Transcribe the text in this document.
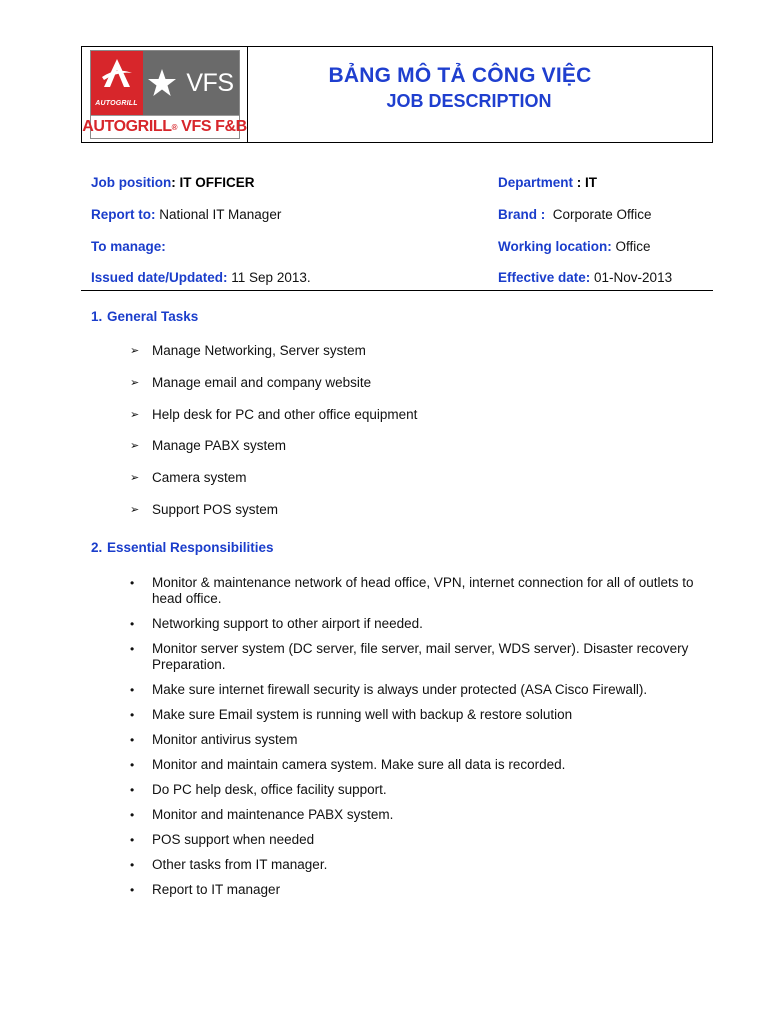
AUTOGRILL
VFS
AUTOGRILL ® VFS F&B
BẢNG MÔ TẢ CÔNG VIỆC
JOB DESCRIPTION
Job position: IT OFFICER	Department : IT
Report to: National IT Manager	Brand :  Corporate Office
To manage:	Working location: Office
Issued date/Updated: 11 Sep 2013.	Effective date: 01-Nov-2013
1. General Tasks
➢ Manage Networking, Server system
➢ Manage email and company website
➢ Help desk for PC and other office equipment
➢ Manage PABX system
➢ Camera system
➢ Support POS system
2. Essential Responsibilities
•	Monitor & maintenance network of head office, VPN, internet connection for all of outlets to head office.
•	Networking support to other airport if needed.
•	Monitor server system (DC server, file server, mail server, WDS server). Disaster recovery Preparation.
•	Make sure internet firewall security is always under protected (ASA Cisco Firewall).
•	Make sure Email system is running well with backup & restore solution
•	Monitor antivirus system
•	Monitor and maintain camera system. Make sure all data is recorded.
•	Do PC help desk, office facility support.
•	Monitor and maintenance PABX system.
•	POS support when needed
•	Other tasks from IT manager.
•	Report to IT manager
